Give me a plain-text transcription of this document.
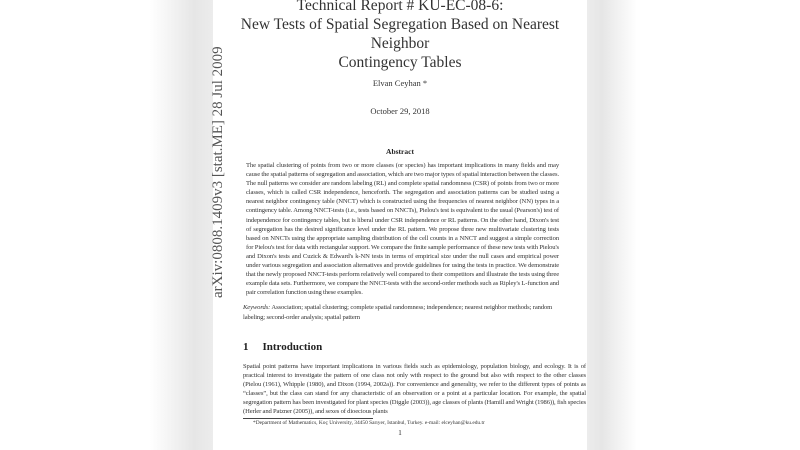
Technical Report # KU-EC-08-6:
New Tests of Spatial Segregation Based on Nearest Neighbor
Contingency Tables
Elvan Ceyhan *
October 29, 2018
Abstract
The spatial clustering of points from two or more classes (or species) has important implications in many fields and may cause the spatial patterns of segregation and association, which are two major types of spatial interaction between the classes. The null patterns we consider are random labeling (RL) and complete spatial randomness (CSR) of points from two or more classes, which is called CSR independence, henceforth. The segregation and association patterns can be studied using a nearest neighbor contingency table (NNCT) which is constructed using the frequencies of nearest neighbor (NN) types in a contingency table. Among NNCT-tests (i.e., tests based on NNCTs), Pielou's test is equivalent to the usual (Pearson's) test of independence for contingency tables, but is liberal under CSR independence or RL patterns. On the other hand, Dixon's test of segregation has the desired significance level under the RL pattern. We propose three new multivariate clustering tests based on NNCTs using the appropriate sampling distribution of the cell counts in a NNCT and suggest a simple correction for Pielou's test for data with rectangular support. We compare the finite sample performance of these new tests with Pielou's and Dixon's tests and Cuzick & Edward's k-NN tests in terms of empirical size under the null cases and empirical power under various segregation and association alternatives and provide guidelines for using the tests in practice. We demonstrate that the newly proposed NNCT-tests perform relatively well compared to their competitors and illustrate the tests using three example data sets. Furthermore, we compare the NNCT-tests with the second-order methods such as Ripley's L-function and pair correlation function using these examples.
Keywords: Association; spatial clustering; complete spatial randomness; independence; nearest neighbor methods; random labeling; second-order analysis; spatial pattern
1 Introduction
Spatial point patterns have important implications in various fields such as epidemiology, population biology, and ecology. It is of practical interest to investigate the pattern of one class not only with respect to the ground but also with respect to the other classes (Pielou (1961), Whipple (1980), and Dixon (1994, 2002a)). For convenience and generality, we refer to the different types of points as “classes”, but the class can stand for any characteristic of an observation or a point at a particular location. For example, the spatial segregation pattern has been investigated for plant species (Diggle (2003)), age classes of plants (Hamill and Wright (1986)), fish species (Herler and Patzner (2005)), and sexes of dioecious plants
*Department of Mathematics, Koç University, 34450 Sarıyer, Istanbul, Turkey. e-mail: elceyhan@ku.edu.tr
1
arXiv:0808.1409v3 [stat.ME] 28 Jul 2009
